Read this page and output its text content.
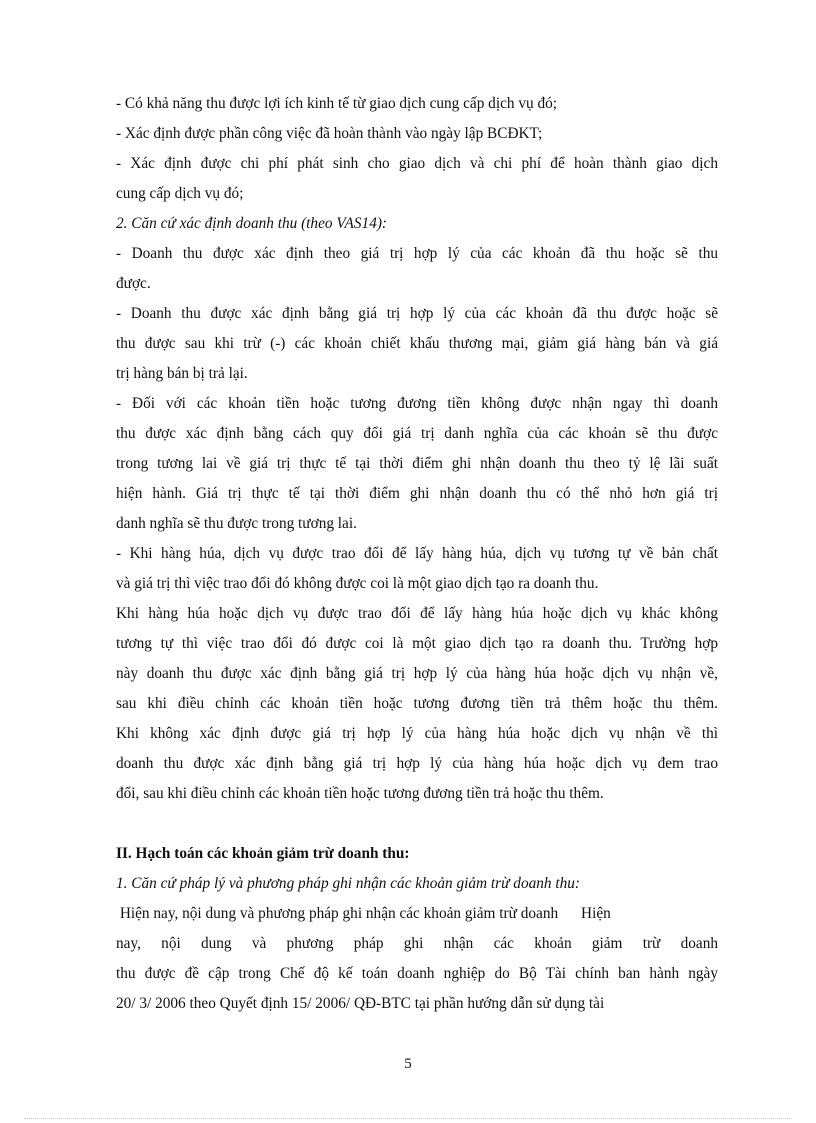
- Có khả năng thu được lợi ích kinh tế từ giao dịch cung cấp dịch vụ đó;
- Xác định được phần công việc đã hoàn thành vào ngày lập BCĐKT;
- Xác định được chi phí phát sinh cho giao dịch và chi phí để hoàn thành giao dịch
cung cấp dịch vụ đó;
2. Căn cứ xác định doanh thu (theo VAS14):
- Doanh thu được xác định theo giá trị hợp lý của các khoản đã thu hoặc sẽ thu
được.
- Doanh thu được xác định bằng giá trị hợp lý của các khoản đã thu được hoặc sẽ
thu được sau khi trừ (-) các khoản chiết khấu thương mại, giảm giá hàng bán và giá
trị hàng bán bị trả lại.
- Đối với các khoản tiền hoặc tương đương tiền không được nhận ngay thì doanh
thu được xác định bằng cách quy đổi giá trị danh nghĩa của các khoản sẽ thu được
trong tương lai về giá trị thực tế tại thời điểm ghi nhận doanh thu theo tỷ lệ lãi suất
hiện hành. Giá trị thực tế tại thời điểm ghi nhận doanh thu có thể nhỏ hơn giá trị
danh nghĩa sẽ thu được trong tương lai.
- Khi hàng húa, dịch vụ được trao đổi để lấy hàng húa, dịch vụ tương tự về bản chất
và giá trị thì việc trao đổi đó không được coi là một giao dịch tạo ra doanh thu.
Khi hàng húa hoặc dịch vụ được trao đổi để lấy hàng húa hoặc dịch vụ khác không
tương tự thì việc trao đổi đó được coi là một giao dịch tạo ra doanh thu. Trường hợp
này doanh thu được xác định bằng giá trị hợp lý của hàng húa hoặc dịch vụ nhận về,
sau khi điều chỉnh các khoản tiền hoặc tương đương tiền trả thêm hoặc thu thêm.
Khi không xác định được giá trị hợp lý của hàng húa hoặc dịch vụ nhận về thì
doanh thu được xác định bằng giá trị hợp lý của hàng húa hoặc dịch vụ đem trao
đổi, sau khi điều chỉnh các khoản tiền hoặc tương đương tiền trả hoặc thu thêm.
II. Hạch toán các khoản giảm trừ doanh thu:
1. Căn cứ pháp lý và phương pháp ghi nhận các khoản giảm trừ doanh thu:
Hiện nay, nội dung và phương pháp ghi nhận các khoản giảm trừ doanh      Hiện
nay, nội dung và phương pháp ghi nhận các khoản giảm trừ doanh
thu được đề cập trong Chế độ kế toán doanh nghiệp do Bộ Tài chính ban hành ngày
20/ 3/ 2006 theo Quyết định 15/ 2006/ QĐ-BTC tại phần hướng dẫn sử dụng tài
5
